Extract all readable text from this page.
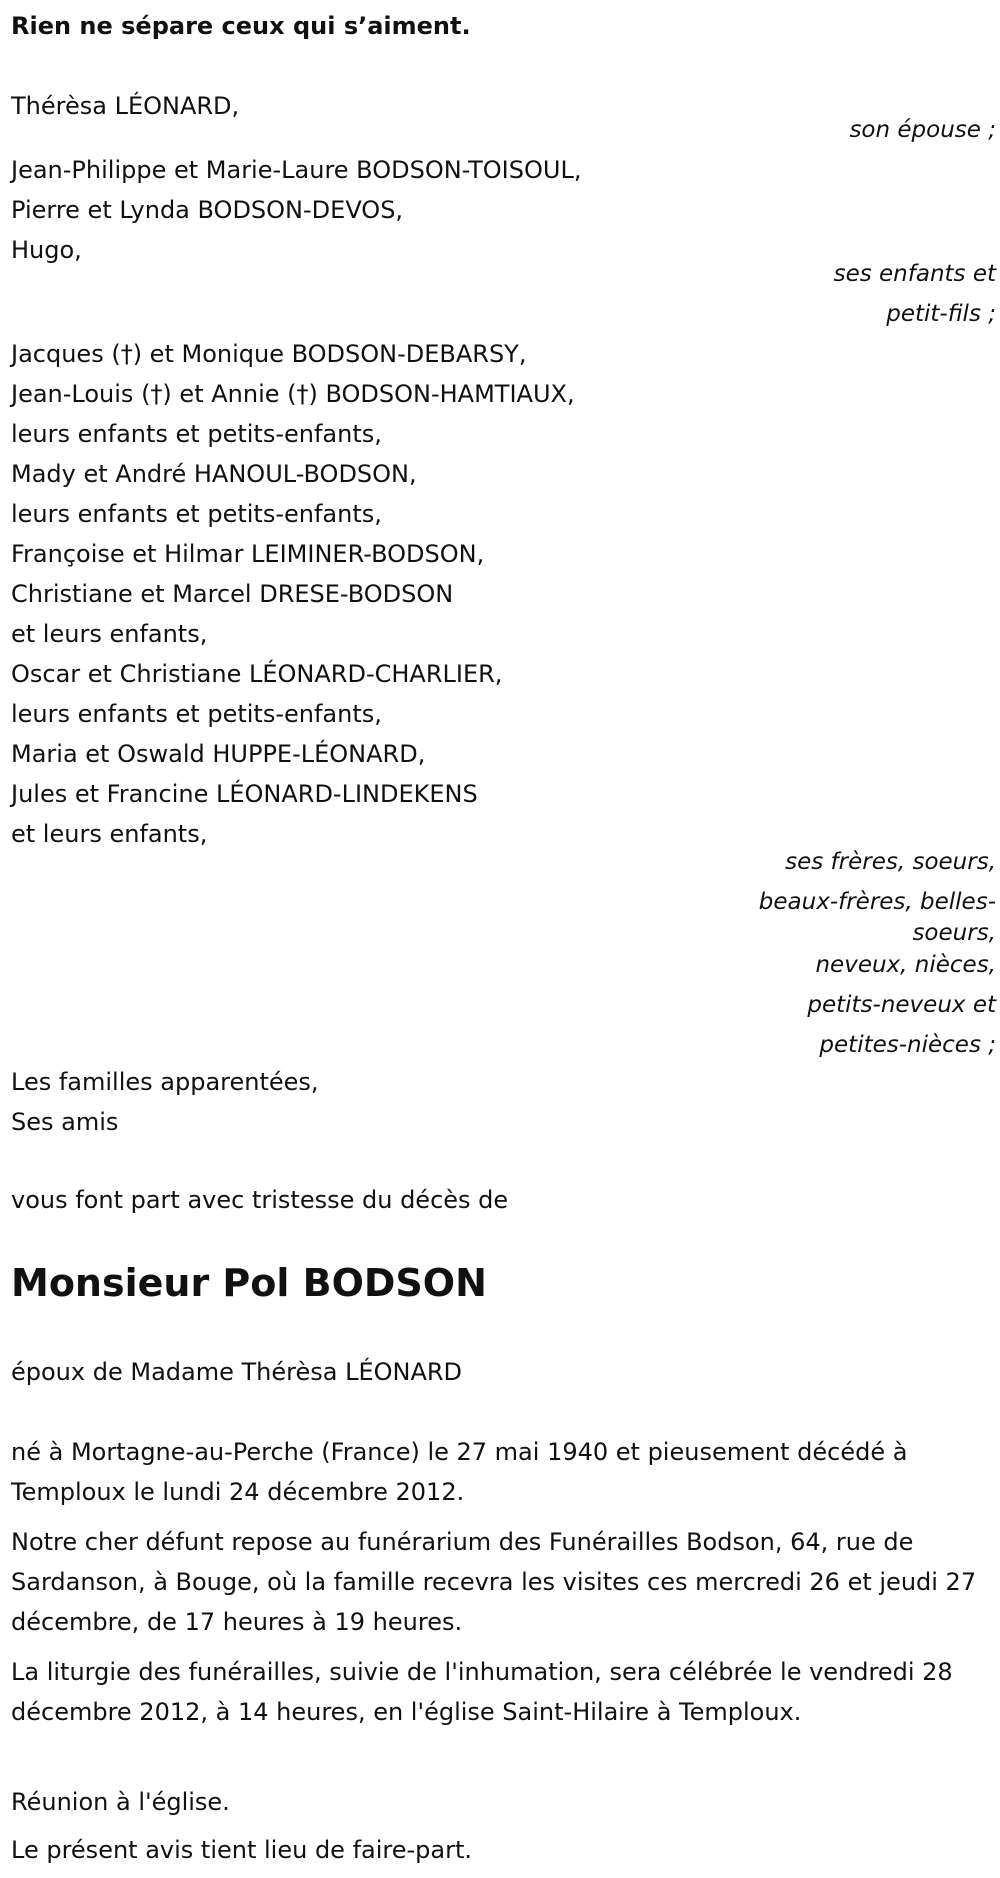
Rien ne sépare ceux qui s’aiment.

Thérèsa LÉONARD,
son épouse ;
Jean-Philippe et Marie-Laure BODSON-TOISOUL,
Pierre et Lynda BODSON-DEVOS,
Hugo,
ses enfants et
petit-fils ;
Jacques (†) et Monique BODSON-DEBARSY,
Jean-Louis (†) et Annie (†) BODSON-HAMTIAUX,
leurs enfants et petits-enfants,
Mady et André HANOUL-BODSON,
leurs enfants et petits-enfants,
Françoise et Hilmar LEIMINER-BODSON,
Christiane et Marcel DRESE-BODSON
et leurs enfants,
Oscar et Christiane LÉONARD-CHARLIER,
leurs enfants et petits-enfants,
Maria et Oswald HUPPE-LÉONARD,
Jules et Francine LÉONARD-LINDEKENS
et leurs enfants,
ses frères, soeurs,
beaux-frères, belles-
soeurs,
neveux, nièces,
petits-neveux et
petites-nièces ;
Les familles apparentées,
Ses amis

vous font part avec tristesse du décès de

Monsieur Pol BODSON

époux de Madame Thérèsa LÉONARD

né à Mortagne-au-Perche (France) le 27 mai 1940 et pieusement décédé à Temploux le lundi 24 décembre 2012.

Notre cher défunt repose au funérarium des Funérailles Bodson, 64, rue de Sardanson, à Bouge, où la famille recevra les visites ces mercredi 26 et jeudi 27 décembre, de 17 heures à 19 heures.

La liturgie des funérailles, suivie de l'inhumation, sera célébrée le vendredi 28 décembre 2012, à 14 heures, en l'église Saint-Hilaire à Temploux.

Réunion à l'église.

Le présent avis tient lieu de faire-part.
